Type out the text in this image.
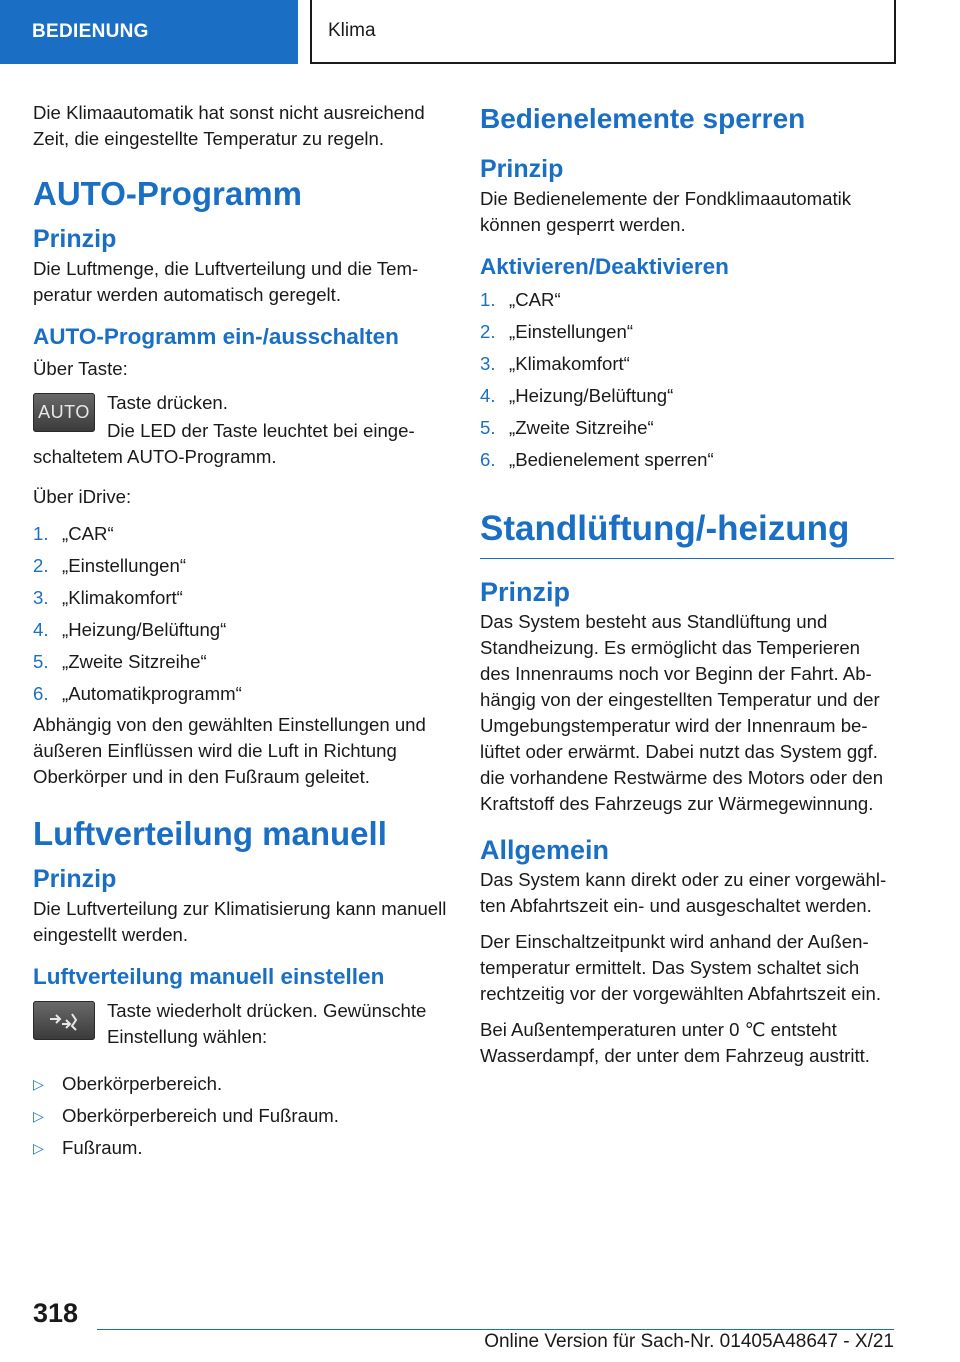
BEDIENUNG	Klima

Die Klimaautomatik hat sonst nicht ausreichend Zeit, die eingestellte Temperatur zu regeln.

AUTO-Programm
Prinzip

Die Luftmenge, die Luftverteilung und die Temperatur werden automatisch geregelt.

AUTO-Programm ein-/ausschalten

Über Taste:

AUTO Taste drücken.

Die LED der Taste leuchtet bei eingeschaltetem AUTO-Programm.

Über iDrive:

1. „CAR“
2. „Einstellungen“
3. „Klimakomfort“
4. „Heizung/Belüftung“
5. „Zweite Sitzreihe“
6. „Automatikprogramm“

Abhängig von den gewählten Einstellungen und äußeren Einflüssen wird die Luft in Richtung Oberkörper und in den Fußraum geleitet.

Luftverteilung manuell
Prinzip

Die Luftverteilung zur Klimatisierung kann manuell eingestellt werden.

Luftverteilung manuell einstellen

Taste wiederholt drücken. Gewünschte Einstellung wählen:

▷ Oberkörperbereich.
▷ Oberkörperbereich und Fußraum.
▷ Fußraum.
Bedienelemente sperren
Prinzip

Die Bedienelemente der Fondklimaautomatik können gesperrt werden.

Aktivieren/Deaktivieren
1. „CAR“
2. „Einstellungen“
3. „Klimakomfort“
4. „Heizung/Belüftung“
5. „Zweite Sitzreihe“
6. „Bedienelement sperren“
Standlüftung/-heizung
Prinzip

Das System besteht aus Standlüftung und Standheizung. Es ermöglicht das Temperieren des Innenraums noch vor Beginn der Fahrt. Abhängig von der eingestellten Temperatur und der Umgebungstemperatur wird der Innenraum belüftet oder erwärmt. Dabei nutzt das System ggf. die vorhandene Restwärme des Motors oder den Kraftstoff des Fahrzeugs zur Wärmegewinnung.

Allgemein

Das System kann direkt oder zu einer vorgewählten Abfahrtszeit ein- und ausgeschaltet werden.

Der Einschaltzeitpunkt wird anhand der Außentemperatur ermittelt. Das System schaltet sich rechtzeitig vor der vorgewählten Abfahrtszeit ein.

Bei Außentemperaturen unter 0 ℃ entsteht Wasserdampf, der unter dem Fahrzeug austritt.

318
Online Version für Sach-Nr. 01405A48647 - X/21
